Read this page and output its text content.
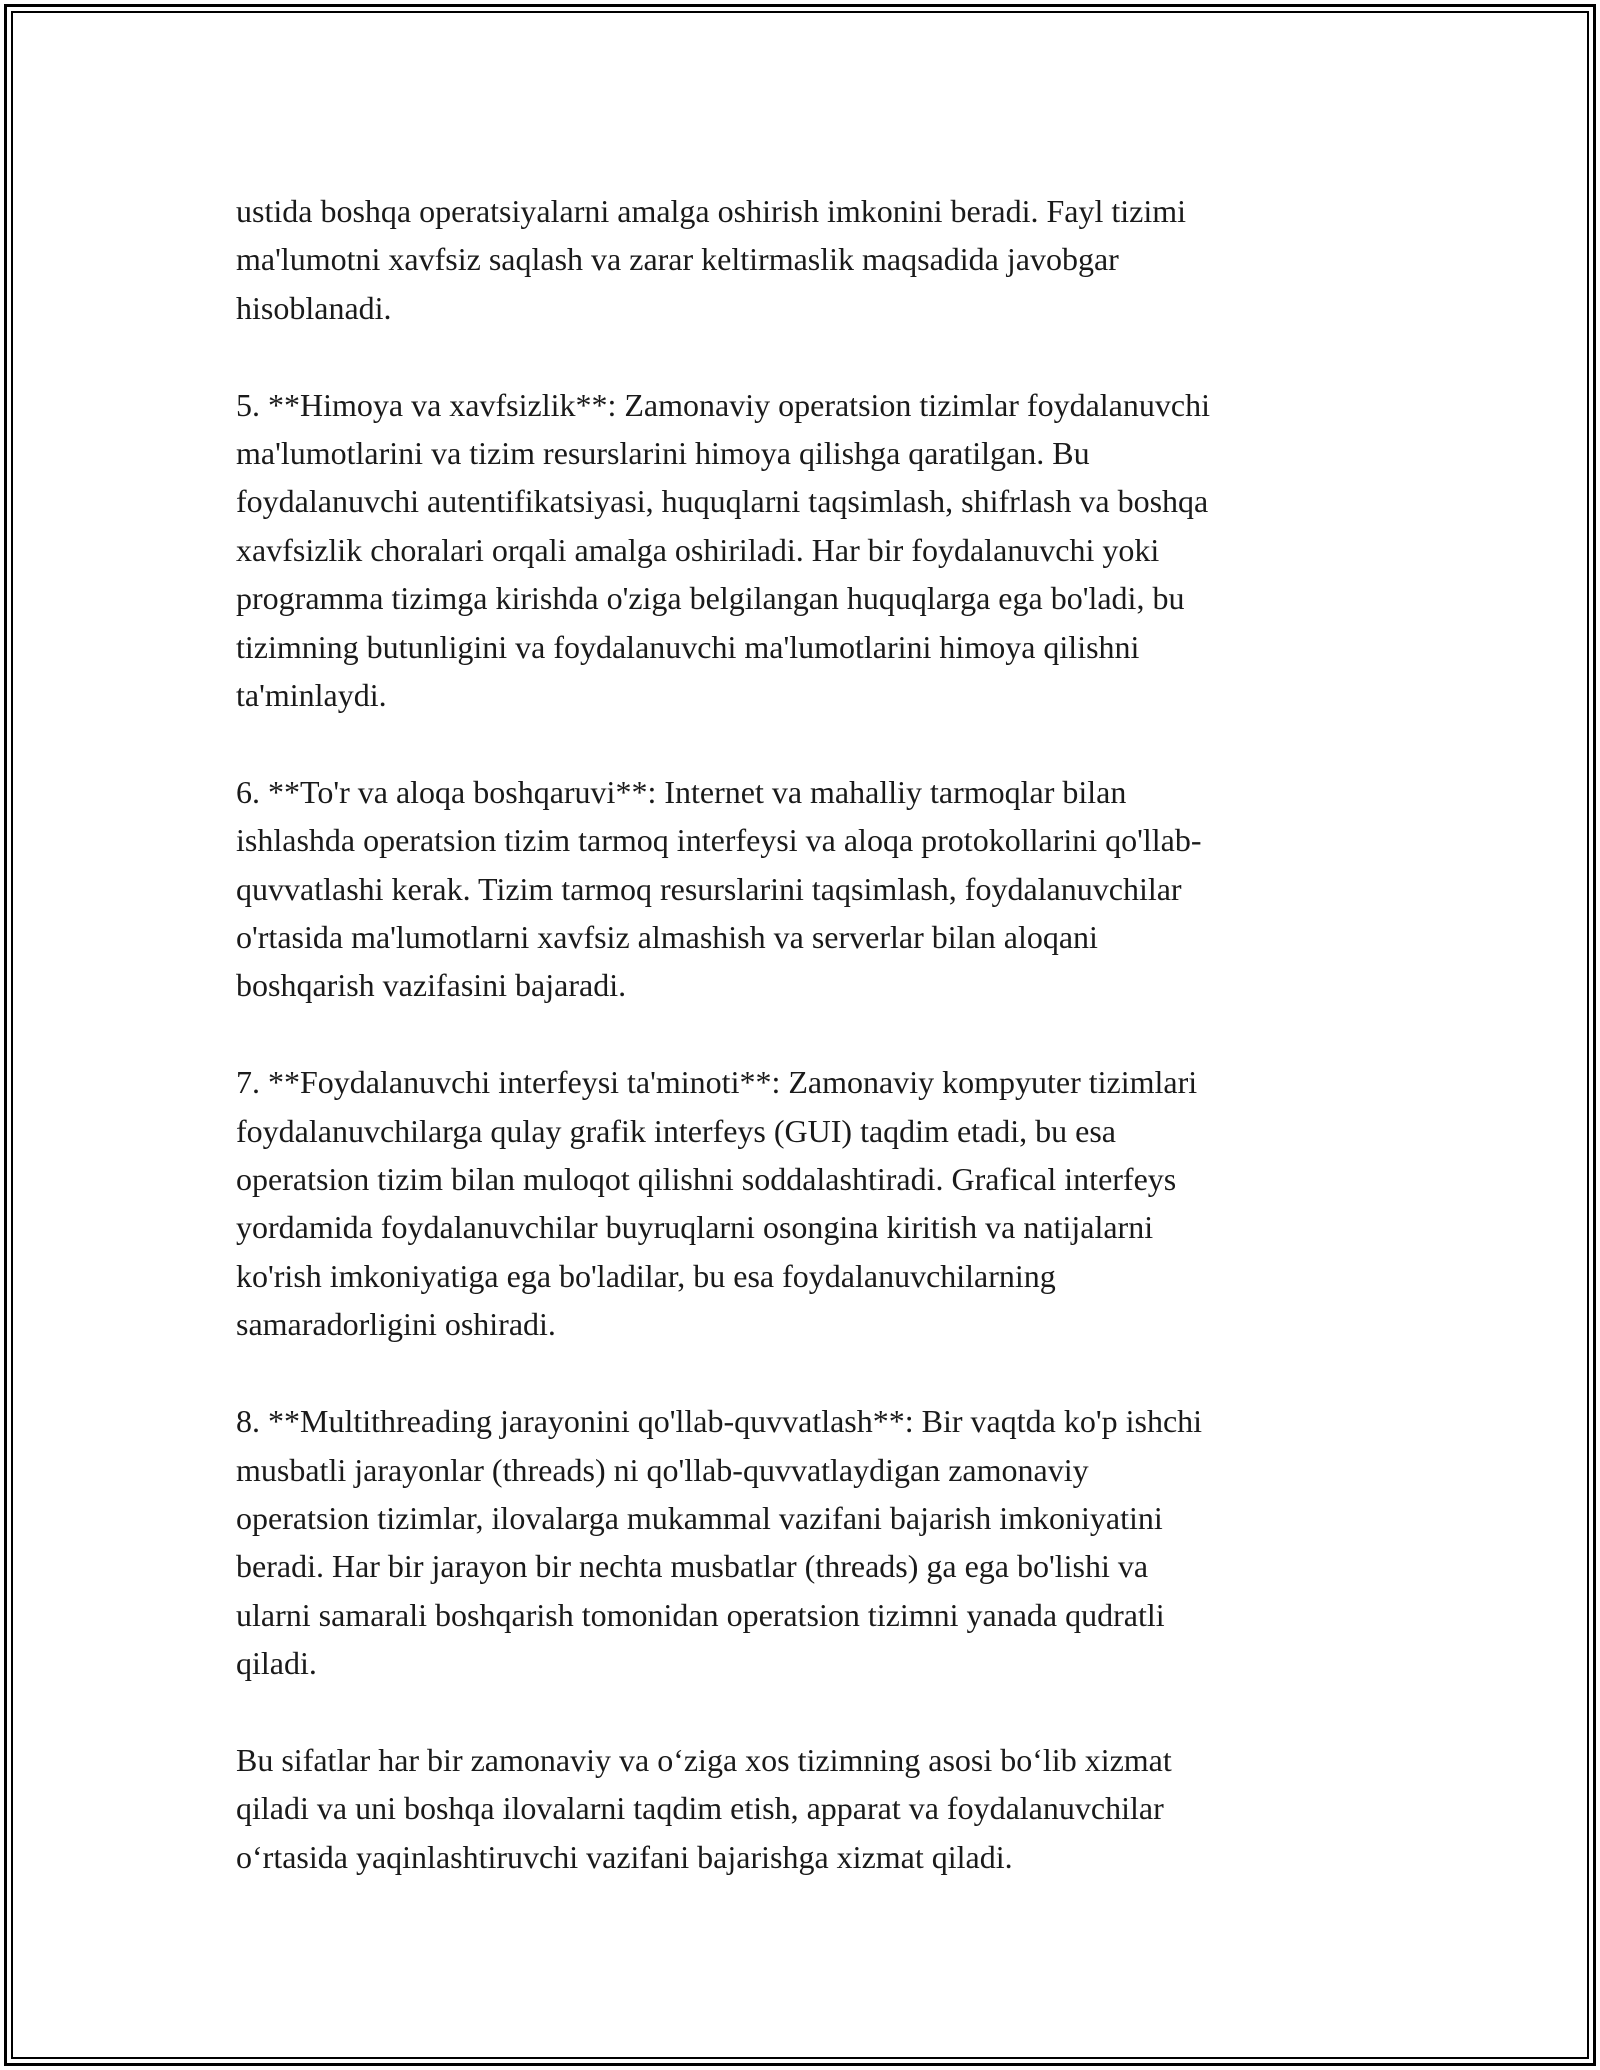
ustida boshqa operatsiyalarni amalga oshirish imkonini beradi. Fayl tizimi
ma'lumotni xavfsiz saqlash va zarar keltirmaslik maqsadida javobgar
hisoblanadi.

5. **Himoya va xavfsizlik**: Zamonaviy operatsion tizimlar foydalanuvchi
ma'lumotlarini va tizim resurslarini himoya qilishga qaratilgan. Bu
foydalanuvchi autentifikatsiyasi, huquqlarni taqsimlash, shifrlash va boshqa
xavfsizlik choralari orqali amalga oshiriladi. Har bir foydalanuvchi yoki
programma tizimga kirishda o'ziga belgilangan huquqlarga ega bo'ladi, bu
tizimning butunligini va foydalanuvchi ma'lumotlarini himoya qilishni
ta'minlaydi.

6. **To'r va aloqa boshqaruvi**: Internet va mahalliy tarmoqlar bilan
ishlashda operatsion tizim tarmoq interfeysi va aloqa protokollarini qo'llab-
quvvatlashi kerak. Tizim tarmoq resurslarini taqsimlash, foydalanuvchilar
o'rtasida ma'lumotlarni xavfsiz almashish va serverlar bilan aloqani
boshqarish vazifasini bajaradi.

7. **Foydalanuvchi interfeysi ta'minoti**: Zamonaviy kompyuter tizimlari
foydalanuvchilarga qulay grafik interfeys (GUI) taqdim etadi, bu esa
operatsion tizim bilan muloqot qilishni soddalashtiradi. Grafical interfeys
yordamida foydalanuvchilar buyruqlarni osongina kiritish va natijalarni
ko'rish imkoniyatiga ega bo'ladilar, bu esa foydalanuvchilarning
samaradorligini oshiradi.

8. **Multithreading jarayonini qo'llab-quvvatlash**: Bir vaqtda ko'p ishchi
musbatli jarayonlar (threads) ni qo'llab-quvvatlaydigan zamonaviy
operatsion tizimlar, ilovalarga mukammal vazifani bajarish imkoniyatini
beradi. Har bir jarayon bir nechta musbatlar (threads) ga ega bo'lishi va
ularni samarali boshqarish tomonidan operatsion tizimni yanada qudratli
qiladi.

Bu sifatlar har bir zamonaviy va o‘ziga xos tizimning asosi bo‘lib xizmat
qiladi va uni boshqa ilovalarni taqdim etish, apparat va foydalanuvchilar
o‘rtasida yaqinlashtiruvchi vazifani bajarishga xizmat qiladi.
